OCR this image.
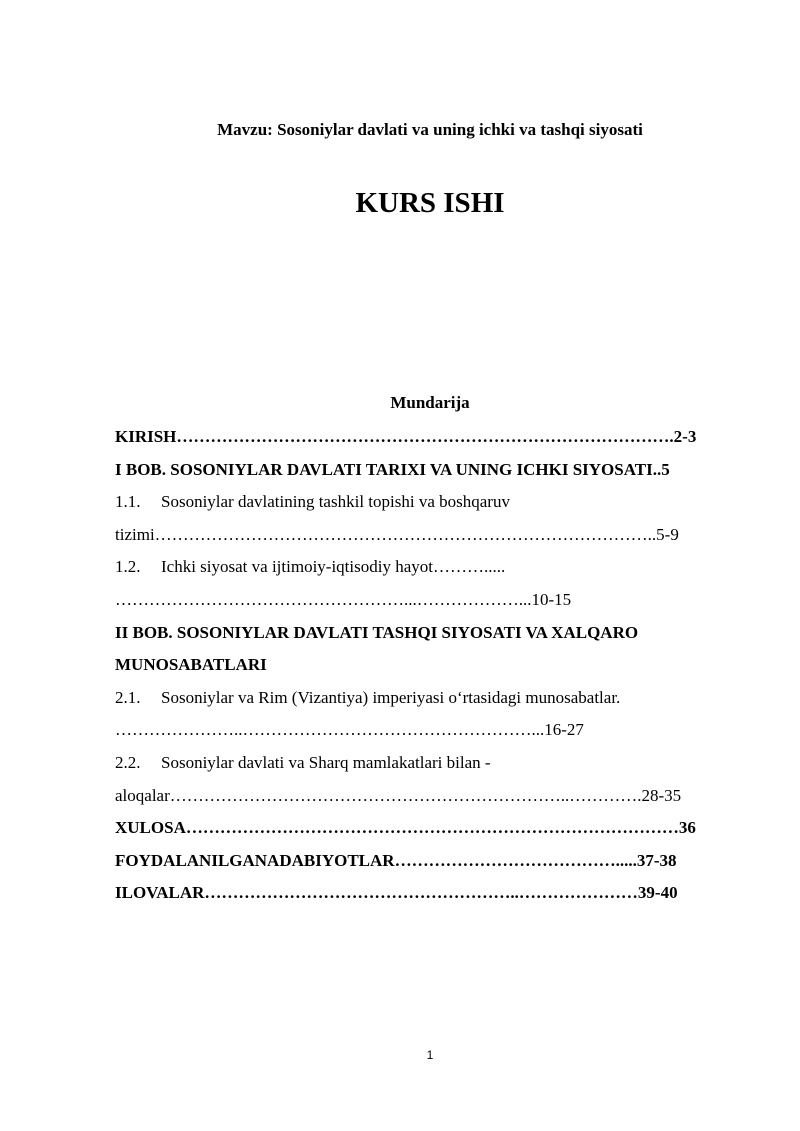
Mavzu: Sosoniylar davlati va uning ichki va tashqi siyosati
KURS ISHI
Mundarija
KIRISH…………………………………………………………………………….2-3
I BOB. SOSONIYLAR DAVLATI TARIXI VA UNING ICHKI SIYOSATI..5
1.1. Sosoniylar davlatining tashkil topishi va boshqaruv
tizimi……………………………………………………………………………..5-9
1.2. Ichki siyosat va ijtimoiy-iqtisodiy hayot……….....
……………………………………………...………………...10-15
II BOB. SOSONIYLAR DAVLATI TASHQI SIYOSATI VA XALQARO
MUNOSABATLARI
2.1. Sosoniylar va Rim (Vizantiya) imperiyasi oʻrtasidagi munosabatlar.
…………………..……………………………………………...16-27
2.2. Sosoniylar davlati va Sharq mamlakatlari bilan -
aloqalar……………………………………………………………..………….28-35
XULOSA……………………………………………………………………………36
FOYDALANILGANADABIYOTLAR………………………………….....37-38
ILOVALAR………………………………………………..…………………39-40
1
